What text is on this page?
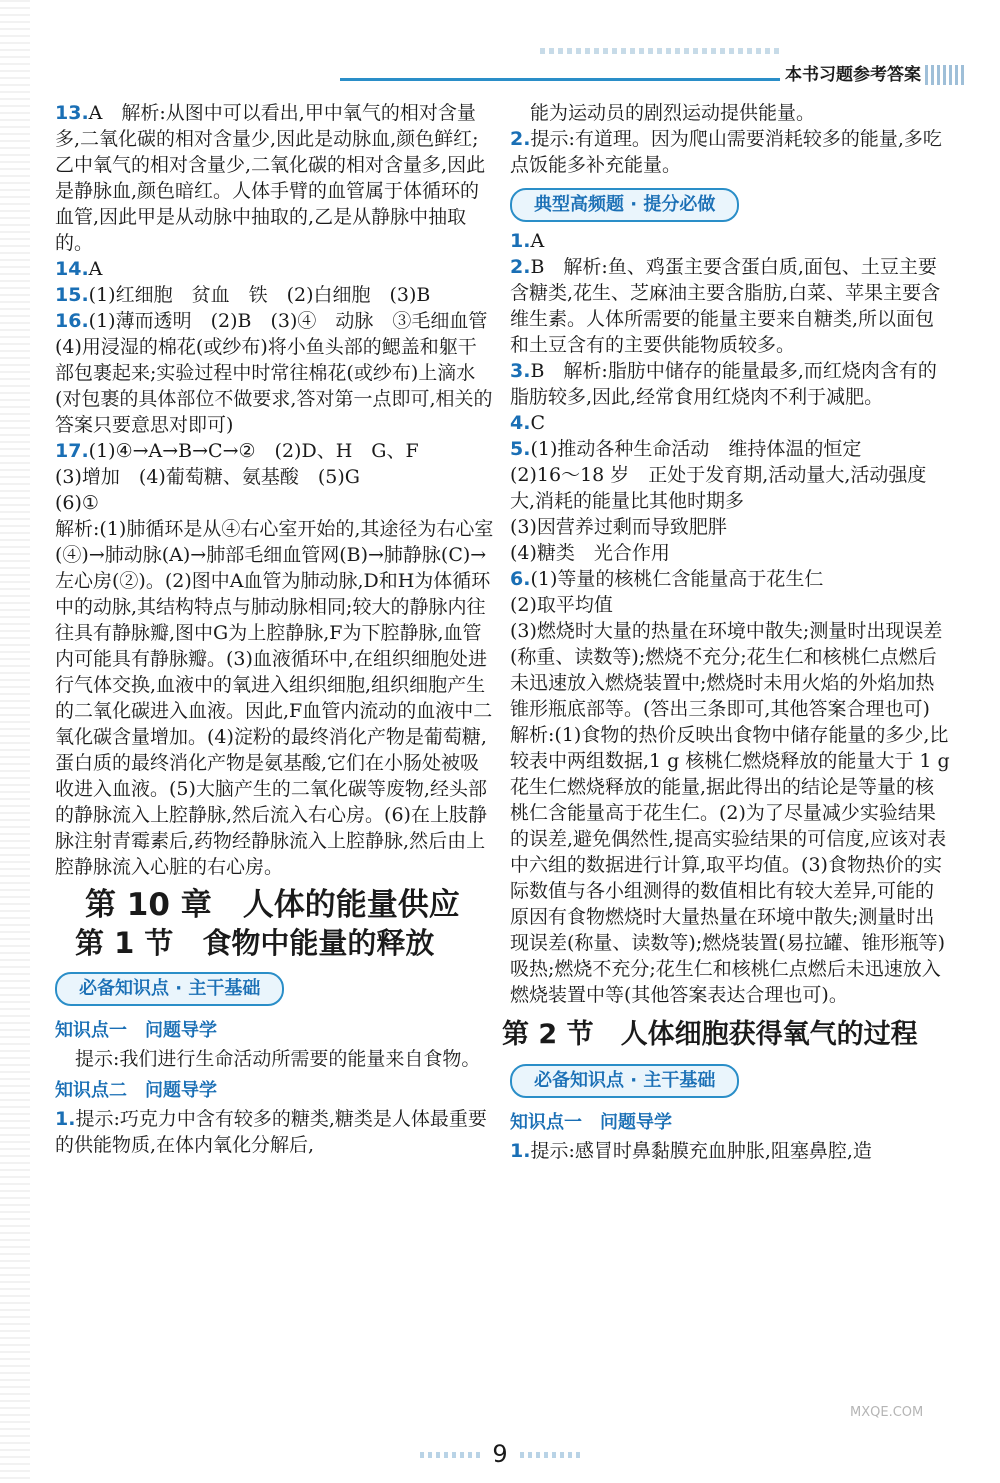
本书习题参考答案

13.A　解析:从图中可以看出,甲中氧气的相对含量多,二氧化碳的相对含量少,因此是动脉血,颜色鲜红;乙中氧气的相对含量少,二氧化碳的相对含量多,因此是静脉血,颜色暗红。人体手臂的血管属于体循环的血管,因此甲是从动脉中抽取的,乙是从静脉中抽取的。

14.A

15.(1)红细胞　贫血　铁　(2)白细胞　(3)B

16.(1)薄而透明　(2)B　(3)④　动脉　③毛细血管　(4)用浸湿的棉花(或纱布)将小鱼头部的鳃盖和躯干部包裹起来;实验过程中时常往棉花(或纱布)上滴水(对包裹的具体部位不做要求,答对第一点即可,相关的答案只要意思对即可)

17.(1)④→A→B→C→②　(2)D、H　G、F
(3)增加　(4)葡萄糖、氨基酸　(5)G
(6)①
解析:(1)肺循环是从④右心室开始的,其途径为右心室(④)→肺动脉(A)→肺部毛细血管网(B)→肺静脉(C)→左心房(②)。(2)图中A血管为肺动脉,D和H为体循环中的动脉,其结构特点与肺动脉相同;较大的静脉内往往具有静脉瓣,图中G为上腔静脉,F为下腔静脉,血管内可能具有静脉瓣。(3)血液循环中,在组织细胞处进行气体交换,血液中的氧进入组织细胞,组织细胞产生的二氧化碳进入血液。因此,F血管内流动的血液中二氧化碳含量增加。(4)淀粉的最终消化产物是葡萄糖,蛋白质的最终消化产物是氨基酸,它们在小肠处被吸收进入血液。(5)大脑产生的二氧化碳等废物,经头部的静脉流入上腔静脉,然后流入右心房。(6)在上肢静脉注射青霉素后,药物经静脉流入上腔静脉,然后由上腔静脉流入心脏的右心房。

第 10 章　人体的能量供应
第 1 节　食物中能量的释放
必备知识点 · 主干基础
知识点一　问题导学

提示:我们进行生命活动所需要的能量来自食物。

知识点二　问题导学

1.提示:巧克力中含有较多的糖类,糖类是人体最重要的供能物质,在体内氧化分解后,

能为运动员的剧烈运动提供能量。

2.提示:有道理。因为爬山需要消耗较多的能量,多吃点饭能多补充能量。

典型高频题 · 提分必做

1.A

2.B　解析:鱼、鸡蛋主要含蛋白质,面包、土豆主要含糖类,花生、芝麻油主要含脂肪,白菜、苹果主要含维生素。人体所需要的能量主要来自糖类,所以面包和土豆含有的主要供能物质较多。

3.B　解析:脂肪中储存的能量最多,而红烧肉含有的脂肪较多,因此,经常食用红烧肉不利于减肥。

4.C

5.(1)推动各种生命活动　维持体温的恒定
(2)16～18 岁　正处于发育期,活动量大,活动强度大,消耗的能量比其他时期多
(3)因营养过剩而导致肥胖
(4)糖类　光合作用

6.(1)等量的核桃仁含能量高于花生仁
(2)取平均值
(3)燃烧时大量的热量在环境中散失;测量时出现误差(称重、读数等);燃烧不充分;花生仁和核桃仁点燃后未迅速放入燃烧装置中;燃烧时未用火焰的外焰加热锥形瓶底部等。(答出三条即可,其他答案合理也可)
解析:(1)食物的热价反映出食物中储存能量的多少,比较表中两组数据,1 g 核桃仁燃烧释放的能量大于 1 g 花生仁燃烧释放的能量,据此得出的结论是等量的核桃仁含能量高于花生仁。(2)为了尽量减少实验结果的误差,避免偶然性,提高实验结果的可信度,应该对表中六组的数据进行计算,取平均值。(3)食物热价的实际数值与各小组测得的数值相比有较大差异,可能的原因有食物燃烧时大量热量在环境中散失;测量时出现误差(称量、读数等);燃烧装置(易拉罐、锥形瓶等)吸热;燃烧不充分;花生仁和核桃仁点燃后未迅速放入燃烧装置中等(其他答案表达合理也可)。

第 2 节　人体细胞获得氧气的过程
必备知识点 · 主干基础
知识点一　问题导学

1.提示:感冒时鼻黏膜充血肿胀,阻塞鼻腔,造

9
MXQE.COM
